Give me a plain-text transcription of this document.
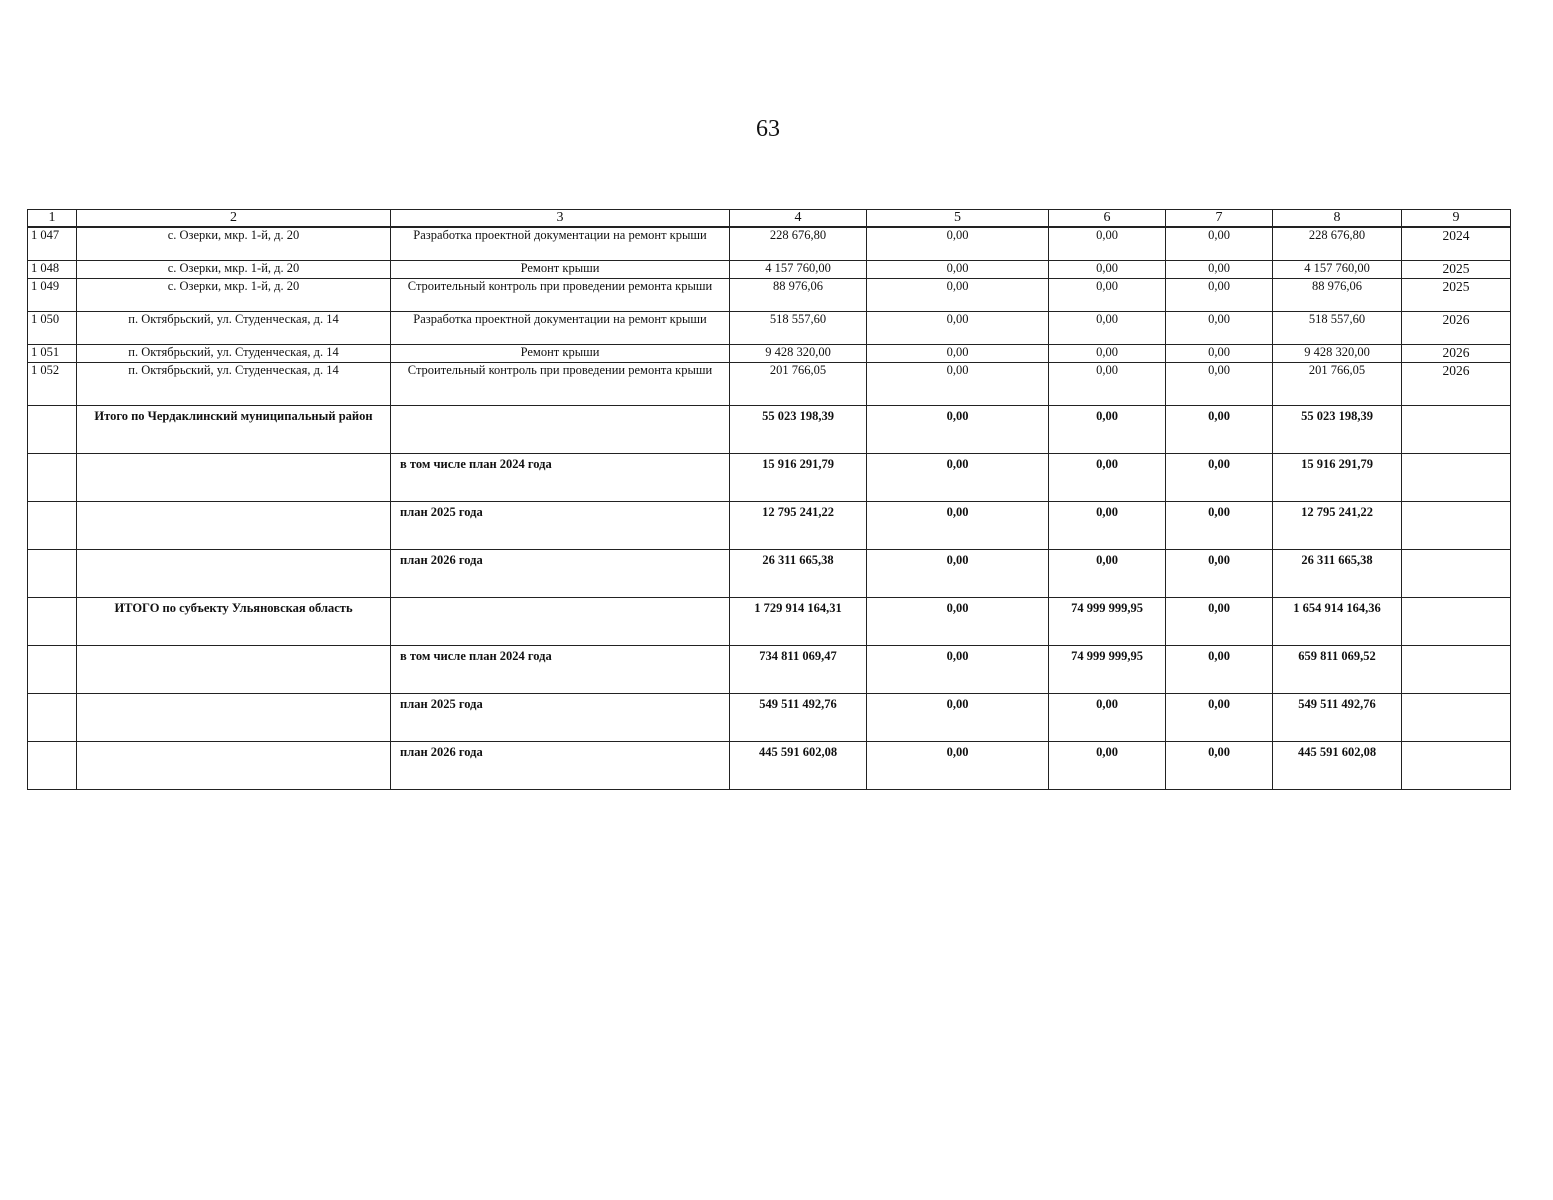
63
1	2	3	4	5	6	7	8	9
1 047	с. Озерки, мкр. 1-й, д. 20	Разработка проектной документации на ремонт крыши	228 676,80	0,00	0,00	0,00	228 676,80	2024
1 048	с. Озерки, мкр. 1-й, д. 20	Ремонт крыши	4 157 760,00	0,00	0,00	0,00	4 157 760,00	2025
1 049	с. Озерки, мкр. 1-й, д. 20	Строительный контроль при проведении ремонта крыши	88 976,06	0,00	0,00	0,00	88 976,06	2025
1 050	п. Октябрьский, ул. Студенческая, д. 14	Разработка проектной документации на ремонт крыши	518 557,60	0,00	0,00	0,00	518 557,60	2026
1 051	п. Октябрьский, ул. Студенческая, д. 14	Ремонт крыши	9 428 320,00	0,00	0,00	0,00	9 428 320,00	2026
1 052	п. Октябрьский, ул. Студенческая, д. 14	Строительный контроль при проведении ремонта крыши	201 766,05	0,00	0,00	0,00	201 766,05	2026
	Итого по Чердаклинский муниципальный район		55 023 198,39	0,00	0,00	0,00	55 023 198,39	
		в том числе план 2024 года	15 916 291,79	0,00	0,00	0,00	15 916 291,79	
		план 2025 года	12 795 241,22	0,00	0,00	0,00	12 795 241,22	
		план 2026 года	26 311 665,38	0,00	0,00	0,00	26 311 665,38	
	ИТОГО по субъекту Ульяновская область		1 729 914 164,31	0,00	74 999 999,95	0,00	1 654 914 164,36	
		в том числе план 2024 года	734 811 069,47	0,00	74 999 999,95	0,00	659 811 069,52	
		план 2025 года	549 511 492,76	0,00	0,00	0,00	549 511 492,76	
		план 2026 года	445 591 602,08	0,00	0,00	0,00	445 591 602,08	
